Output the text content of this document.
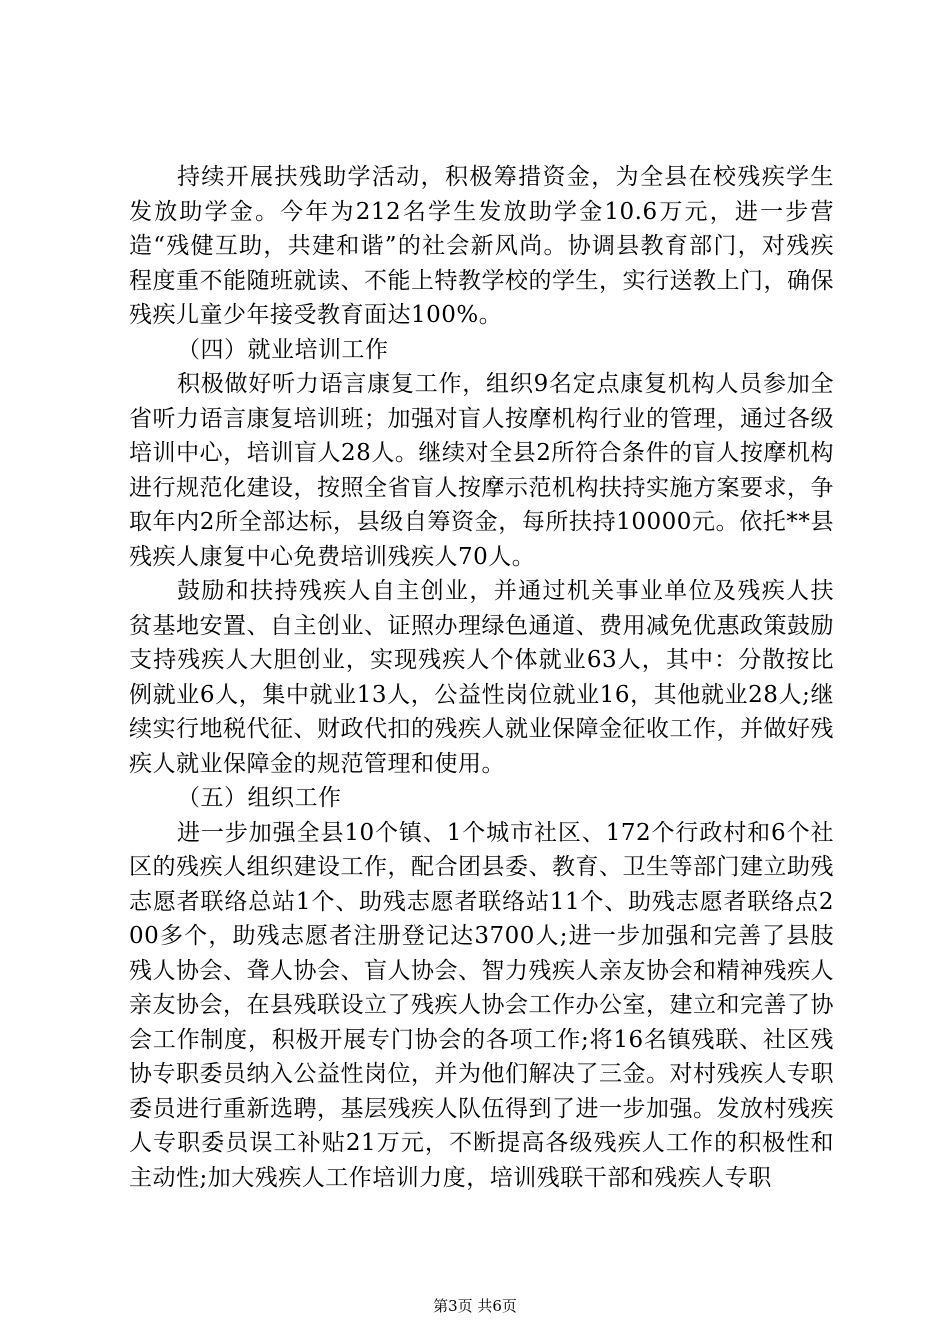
持续开展扶残助学活动，积极筹措资金，为全县在校残疾学生发放助学金。今年为212名学生发放助学金10.6万元，进一步营造“残健互助，共建和谐”的社会新风尚。协调县教育部门，对残疾程度重不能随班就读、不能上特教学校的学生，实行送教上门，确保残疾儿童少年接受教育面达100%。

（四）就业培训工作

积极做好听力语言康复工作，组织9名定点康复机构人员参加全省听力语言康复培训班；加强对盲人按摩机构行业的管理，通过各级培训中心，培训盲人28人。继续对全县2所符合条件的盲人按摩机构进行规范化建设，按照全省盲人按摩示范机构扶持实施方案要求，争取年内2所全部达标，县级自筹资金，每所扶持10000元。依托**县残疾人康复中心免费培训残疾人70人。

鼓励和扶持残疾人自主创业，并通过机关事业单位及残疾人扶贫基地安置、自主创业、证照办理绿色通道、费用减免优惠政策鼓励支持残疾人大胆创业，实现残疾人个体就业63人，其中：分散按比例就业6人，集中就业13人，公益性岗位就业16，其他就业28人;继续实行地税代征、财政代扣的残疾人就业保障金征收工作，并做好残疾人就业保障金的规范管理和使用。

（五）组织工作

进一步加强全县10个镇、1个城市社区、172个行政村和6个社区的残疾人组织建设工作，配合团县委、教育、卫生等部门建立助残志愿者联络总站1个、助残志愿者联络站11个、助残志愿者联络点200多个，助残志愿者注册登记达3700人;进一步加强和完善了县肢残人协会、聋人协会、盲人协会、智力残疾人亲友协会和精神残疾人亲友协会，在县残联设立了残疾人协会工作办公室，建立和完善了协会工作制度，积极开展专门协会的各项工作;将16名镇残联、社区残协专职委员纳入公益性岗位，并为他们解决了三金。对村残疾人专职委员进行重新选聘，基层残疾人队伍得到了进一步加强。发放村残疾人专职委员误工补贴21万元，不断提高各级残疾人工作的积极性和主动性;加大残疾人工作培训力度，培训残联干部和残疾人专职

第3页 共6页
